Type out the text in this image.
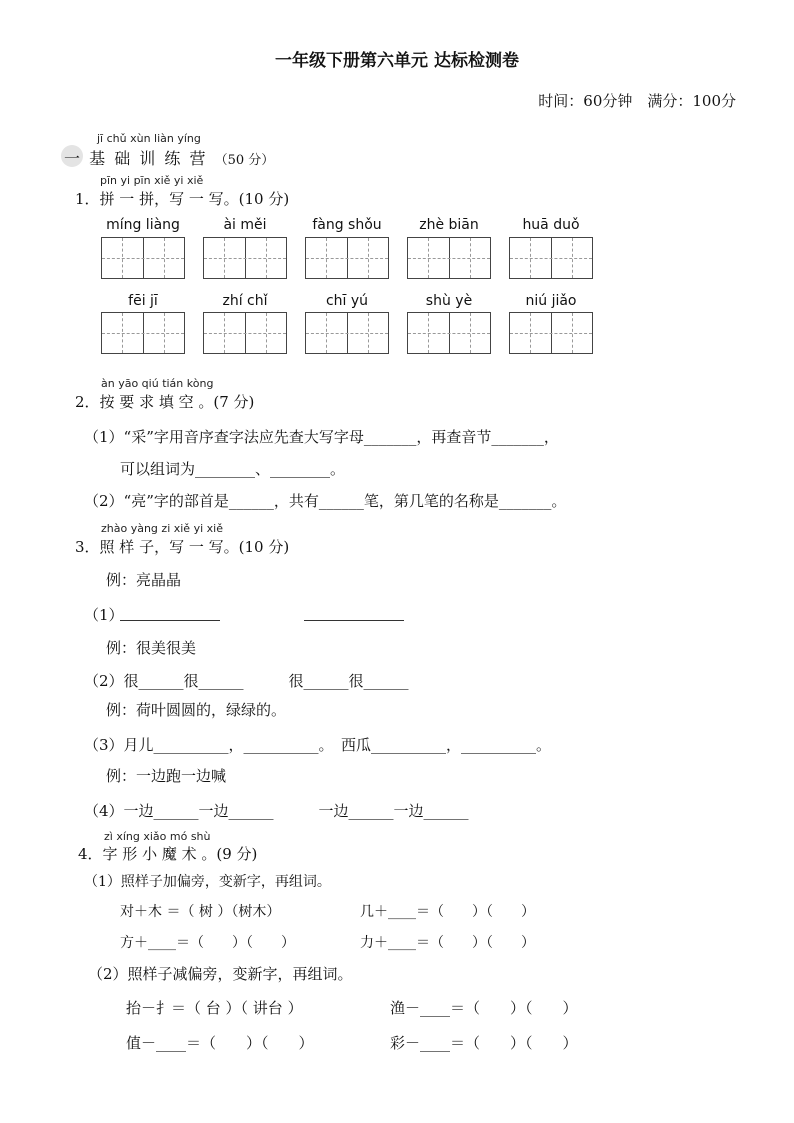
一年级下册第六单元 达标检测卷
时间：60分钟　满分：100分
jī chǔ xùn liàn yíng
一 基 础 训 练 营 （50 分）
pīn yi pīn xiě yi xiě
1．拼 一 拼，写 一 写。(10 分)
míng liàng	ài měi	fàng shǒu	zhè biān	huā duǒ
fēi jī	zhí chǐ	chī yú	shù yè	niú jiǎo
àn yāo qiú tián kòng
2．按 要 求 填 空 。(7 分)
（1）“采”字用音序查字法应先查大写字母_______，再查音节_______，
可以组词为________、________。
（2）“亮”字的部首是______，共有______笔，第几笔的名称是_______。
zhào yàng zi xiě yi xiě
3．照 样 子，写 一 写。(10 分)
例：亮晶晶
（1）
例：很美很美
（2）很______很______　　　很______很______
例：荷叶圆圆的，绿绿的。
（3）月儿__________，__________。　西瓜__________，__________。
例：一边跑一边喊
（4）一边______一边______　　　一边______一边______
zì xíng xiǎo mó shù
4．字 形 小 魔 术 。(9 分)
（1）照样子加偏旁，变新字，再组词。
对＋木 ＝（ 树 ）（树木）	几＋____＝（　　）（　　）
方＋____＝（　　）（　　）	力＋____＝（　　）（　　）
（2）照样子减偏旁，变新字，再组词。
抬－扌＝（ 台 ）（ 讲台 ）	渔－____＝（　　）（　　）
值－____＝（　　）（　　）	彩－____＝（　　）（　　）
